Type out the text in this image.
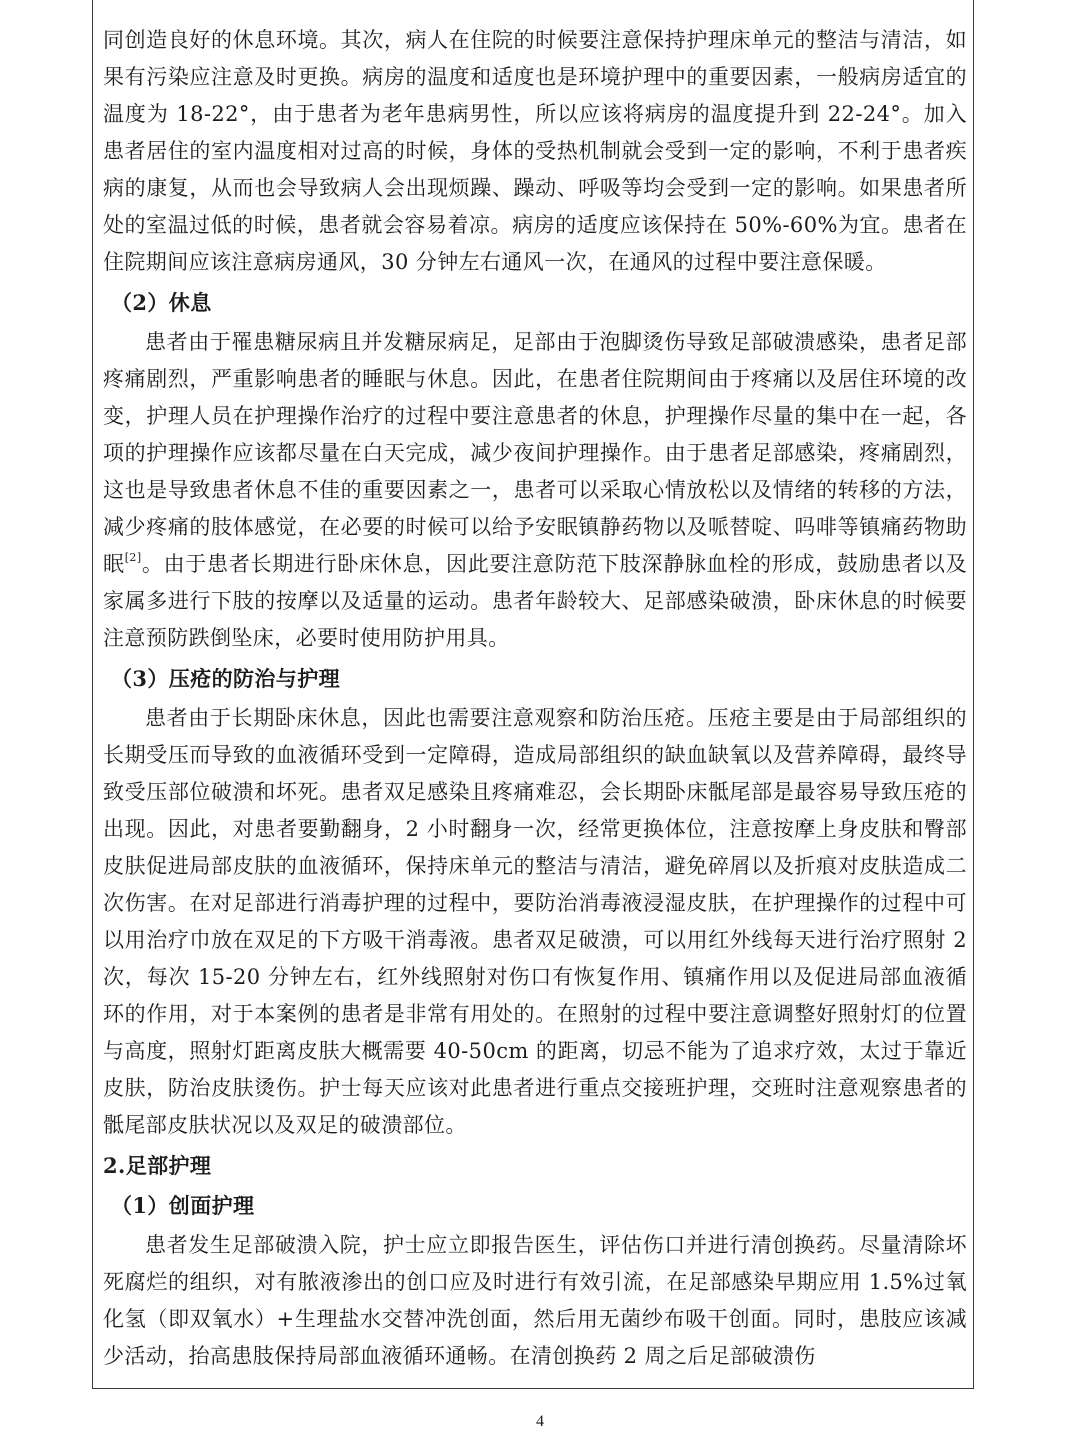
同创造良好的休息环境。其次，病人在住院的时候要注意保持护理床单元的整洁与清洁，如果有污染应注意及时更换。病房的温度和适度也是环境护理中的重要因素，一般病房适宜的温度为 18-22°，由于患者为老年患病男性，所以应该将病房的温度提升到 22-24°。加入患者居住的室内温度相对过高的时候，身体的受热机制就会受到一定的影响，不利于患者疾病的康复，从而也会导致病人会出现烦躁、躁动、呼吸等均会受到一定的影响。如果患者所处的室温过低的时候，患者就会容易着凉。病房的适度应该保持在 50%-60%为宜。患者在住院期间应该注意病房通风，30 分钟左右通风一次，在通风的过程中要注意保暖。

（2）休息

患者由于罹患糖尿病且并发糖尿病足，足部由于泡脚烫伤导致足部破溃感染，患者足部疼痛剧烈，严重影响患者的睡眠与休息。因此，在患者住院期间由于疼痛以及居住环境的改变，护理人员在护理操作治疗的过程中要注意患者的休息，护理操作尽量的集中在一起，各项的护理操作应该都尽量在白天完成，减少夜间护理操作。由于患者足部感染，疼痛剧烈，这也是导致患者休息不佳的重要因素之一，患者可以采取心情放松以及情绪的转移的方法，减少疼痛的肢体感觉，在必要的时候可以给予安眠镇静药物以及哌替啶、吗啡等镇痛药物助眠[2]。由于患者长期进行卧床休息，因此要注意防范下肢深静脉血栓的形成，鼓励患者以及家属多进行下肢的按摩以及适量的运动。患者年龄较大、足部感染破溃，卧床休息的时候要注意预防跌倒坠床，必要时使用防护用具。

（3）压疮的防治与护理

患者由于长期卧床休息，因此也需要注意观察和防治压疮。压疮主要是由于局部组织的长期受压而导致的血液循环受到一定障碍，造成局部组织的缺血缺氧以及营养障碍，最终导致受压部位破溃和坏死。患者双足感染且疼痛难忍，会长期卧床骶尾部是最容易导致压疮的出现。因此，对患者要勤翻身，2 小时翻身一次，经常更换体位，注意按摩上身皮肤和臀部皮肤促进局部皮肤的血液循环，保持床单元的整洁与清洁，避免碎屑以及折痕对皮肤造成二次伤害。在对足部进行消毒护理的过程中，要防治消毒液浸湿皮肤，在护理操作的过程中可以用治疗巾放在双足的下方吸干消毒液。患者双足破溃，可以用红外线每天进行治疗照射 2 次，每次 15-20 分钟左右，红外线照射对伤口有恢复作用、镇痛作用以及促进局部血液循环的作用，对于本案例的患者是非常有用处的。在照射的过程中要注意调整好照射灯的位置与高度，照射灯距离皮肤大概需要 40-50cm 的距离，切忌不能为了追求疗效，太过于靠近皮肤，防治皮肤烫伤。护士每天应该对此患者进行重点交接班护理，交班时注意观察患者的骶尾部皮肤状况以及双足的破溃部位。

2.足部护理

（1）创面护理

患者发生足部破溃入院，护士应立即报告医生，评估伤口并进行清创换药。尽量清除坏死腐烂的组织，对有脓液渗出的创口应及时进行有效引流，在足部感染早期应用 1.5%过氧化氢（即双氧水）+生理盐水交替冲洗创面，然后用无菌纱布吸干创面。同时，患肢应该减少活动，抬高患肢保持局部血液循环通畅。在清创换药 2 周之后足部破溃伤

4
